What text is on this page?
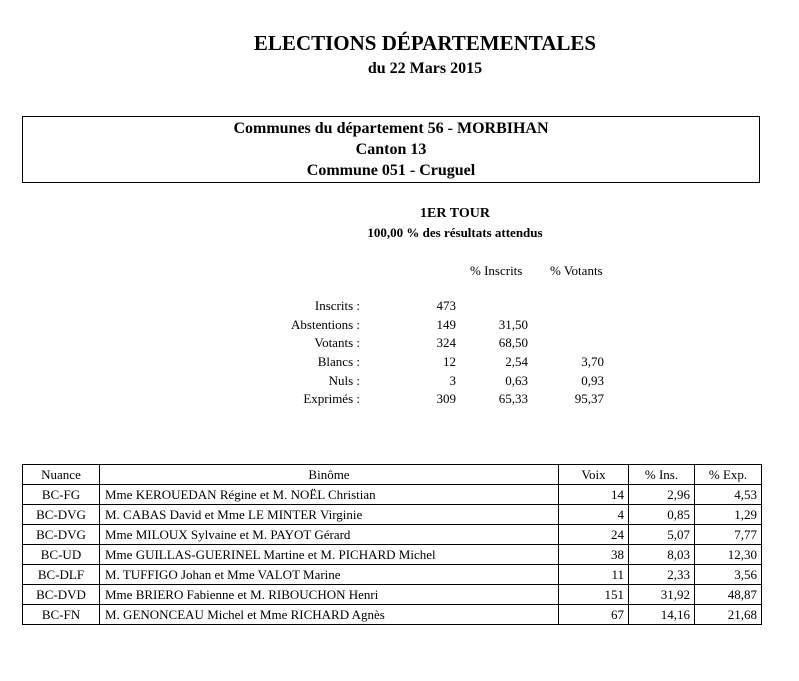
ELECTIONS DÉPARTEMENTALES
du 22 Mars 2015
Communes du département 56 - MORBIHAN
Canton 13
Commune 051 - Cruguel
1ER TOUR
100,00 % des résultats attendus
% Inscrits % Votants
Inscrits :	473
Abstentions :	149	31,50
Votants :	324	68,50
Blancs :	12	2,54	3,70
Nuls :	3	0,63	0,93
Exprimés :	309	65,33	95,37
Nuance	Binôme	Voix	% Ins.	% Exp.
BC-FG	Mme KEROUEDAN Régine et M. NOËL Christian	14	2,96	4,53
BC-DVG	M. CABAS David et Mme LE MINTER Virginie	4	0,85	1,29
BC-DVG	Mme MILOUX Sylvaine et M. PAYOT Gérard	24	5,07	7,77
BC-UD	Mme GUILLAS-GUERINEL Martine et M. PICHARD Michel	38	8,03	12,30
BC-DLF	M. TUFFIGO Johan et Mme VALOT Marine	11	2,33	3,56
BC-DVD	Mme BRIERO Fabienne et M. RIBOUCHON Henri	151	31,92	48,87
BC-FN	M. GENONCEAU Michel et Mme RICHARD Agnès	67	14,16	21,68
